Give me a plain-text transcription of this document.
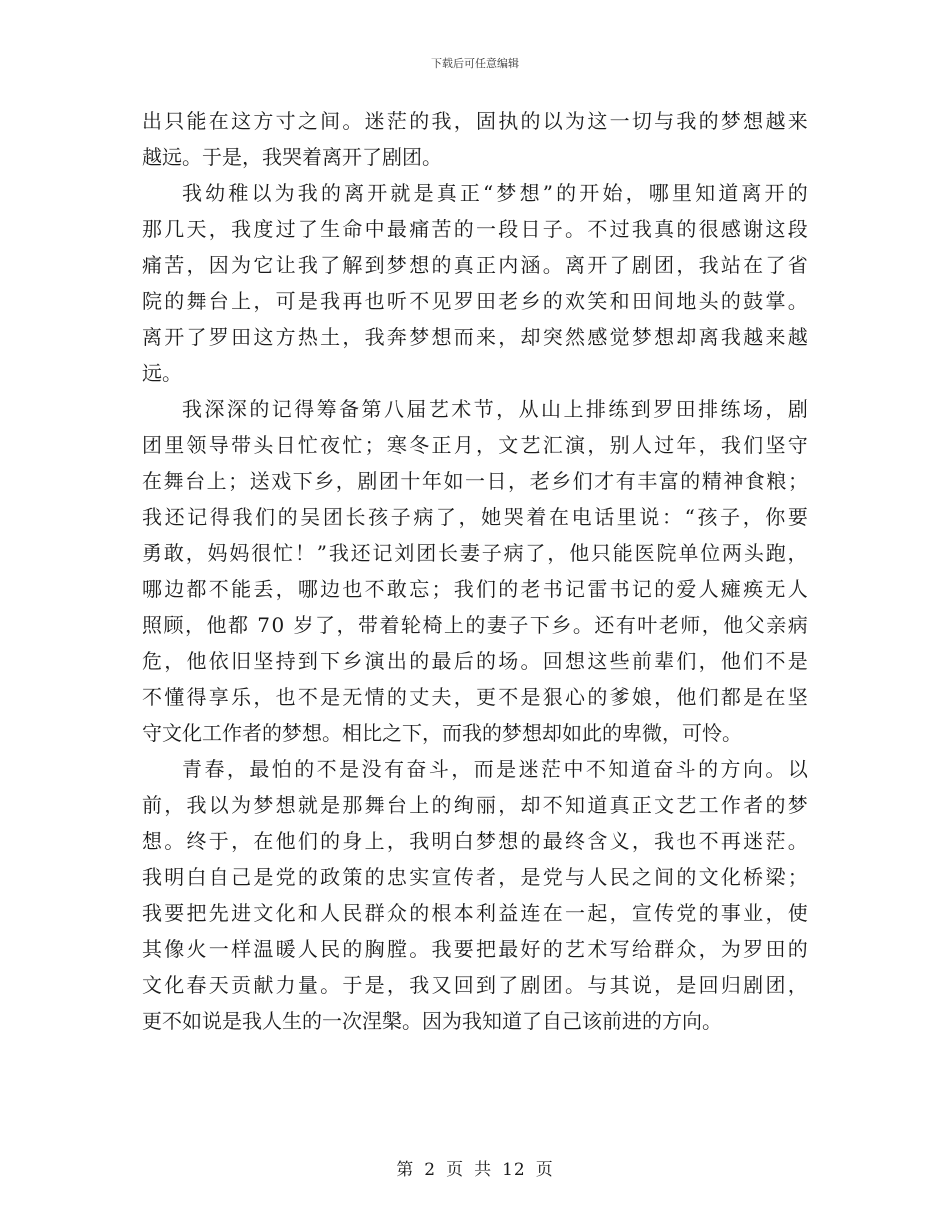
下载后可任意编辑
出 只 能 在 这 方 寸 之 间 。 迷 茫 的 我 ， 固 执 的 以 为 这 一 切 与 我 的 梦 想 越 来
越远。于是，我哭着离开了剧团。
我 幼 稚 以 为 我 的 离 开 就 是 真 正 “ 梦 想 ” 的 开 始 ， 哪 里 知 道 离 开 的
那 几 天 ， 我 度 过 了 生 命 中 最 痛 苦 的 一 段 日 子 。 不 过 我 真 的 很 感 谢 这 段
痛 苦 ， 因 为 它 让 我 了 解 到 梦 想 的 真 正 内 涵 。 离 开 了 剧 团 ， 我 站 在 了 省
院 的 舞 台 上 ， 可 是 我 再 也 听 不 见 罗 田 老 乡 的 欢 笑 和 田 间 地 头 的 鼓 掌 。
离 开 了 罗 田 这 方 热 土 ， 我 奔 梦 想 而 来 ， 却 突 然 感 觉 梦 想 却 离 我 越 来 越
远。
我 深 深 的 记 得 筹 备 第 八 届 艺 术 节 ， 从 山 上 排 练 到 罗 田 排 练 场 ， 剧
团 里 领 导 带 头 日 忙 夜 忙 ； 寒 冬 正 月 ， 文 艺 汇 演 ， 别 人 过 年 ， 我 们 坚 守
在 舞 台 上 ； 送 戏 下 乡 ， 剧 团 十 年 如 一 日 ， 老 乡 们 才 有 丰 富 的 精 神 食 粮 ；
我 还 记 得 我 们 的 吴 团 长 孩 子 病 了 ， 她 哭 着 在 电 话 里 说 ： “ 孩 子 ， 你 要
勇 敢 ， 妈 妈 很 忙 ！ ” 我 还 记 刘 团 长 妻 子 病 了 ， 他 只 能 医 院 单 位 两 头 跑 ，
哪 边 都 不 能 丢 ， 哪 边 也 不 敢 忘 ； 我 们 的 老 书 记 雷 书 记 的 爱 人 瘫 痪 无 人
照 顾 ， 他 都
7 0
岁 了 ， 带 着 轮 椅 上 的 妻 子 下 乡 。 还 有 叶 老 师 ， 他 父 亲 病
危 ， 他 依 旧 坚 持 到 下 乡 演 出 的 最 后 的 场 。 回 想 这 些 前 辈 们 ， 他 们 不 是
不 懂 得 享 乐 ， 也 不 是 无 情 的 丈 夫 ， 更 不 是 狠 心 的 爹 娘 ， 他 们 都 是 在 坚
守文化工作者的梦想。相比之下，而我的梦想却如此的卑微，可怜。
青 春 ， 最 怕 的 不 是 没 有 奋 斗 ， 而 是 迷 茫 中 不 知 道 奋 斗 的 方 向 。 以
前 ， 我 以 为 梦 想 就 是 那 舞 台 上 的 绚 丽 ， 却 不 知 道 真 正 文 艺 工 作 者 的 梦
想 。 终 于 ， 在 他 们 的 身 上 ， 我 明 白 梦 想 的 最 终 含 义 ， 我 也 不 再 迷 茫 。
我 明 白 自 己 是 党 的 政 策 的 忠 实 宣 传 者 ， 是 党 与 人 民 之 间 的 文 化 桥 梁 ；
我 要 把 先 进 文 化 和 人 民 群 众 的 根 本 利 益 连 在 一 起 ， 宣 传 党 的 事 业 ， 使
其 像 火 一 样 温 暖 人 民 的 胸 膛 。 我 要 把 最 好 的 艺 术 写 给 群 众 ， 为 罗 田 的
文 化 春 天 贡 献 力 量 。 于 是 ， 我 又 回 到 了 剧 团 。 与 其 说 ， 是 回 归 剧 团 ，
更不如说是我人生的一次涅槃。因为我知道了自己该前进的方向。
第 2 页 共 12 页
